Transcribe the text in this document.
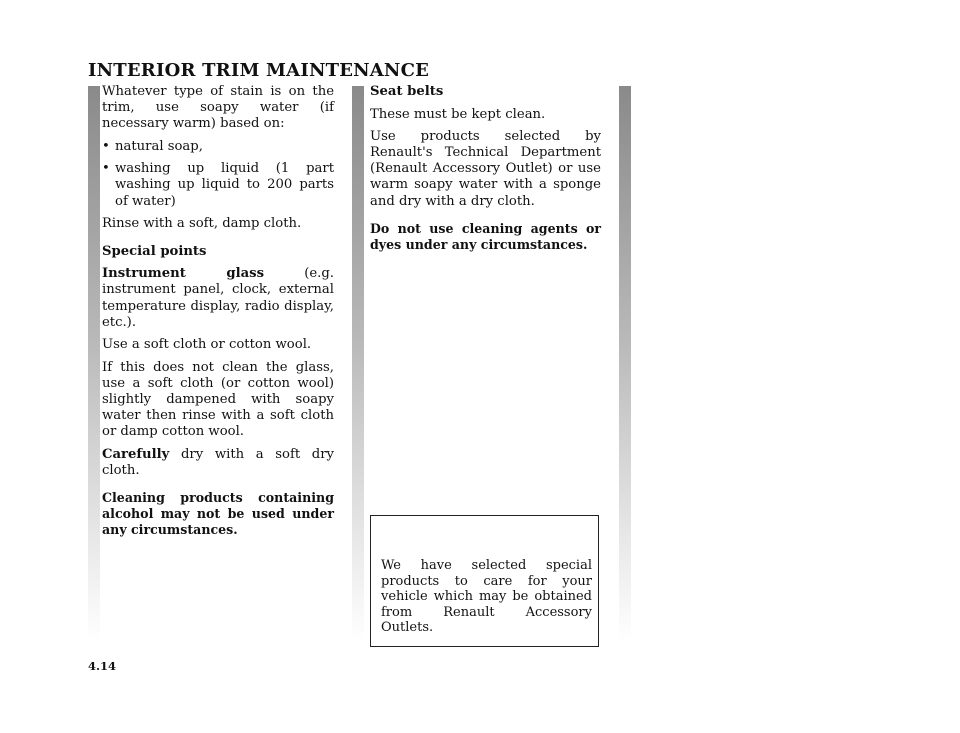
INTERIOR TRIM MAINTENANCE

Whatever type of stain is on the trim, use soapy water (if necessary warm) based on:

• natural soap,

• washing up liquid (1 part washing up liquid to 200 parts of water)

Rinse with a soft, damp cloth.

Special points

Instrument glass (e.g. instrument panel, clock, external temperature display, radio display, etc.).

Use a soft cloth or cotton wool.

If this does not clean the glass, use a soft cloth (or cotton wool) slightly dampened with soapy water then rinse with a soft cloth or damp cotton wool.

Carefully dry with a soft dry cloth.

Cleaning products containing alcohol may not be used under any circumstances.

Seat belts

These must be kept clean.

Use products selected by Renault's Technical Department (Renault Accessory Outlet) or use warm soapy water with a sponge and dry with a dry cloth.

Do not use cleaning agents or dyes under any circumstances.

We have selected special products to care for your vehicle which may be obtained from Renault Accessory Outlets.

4.14
